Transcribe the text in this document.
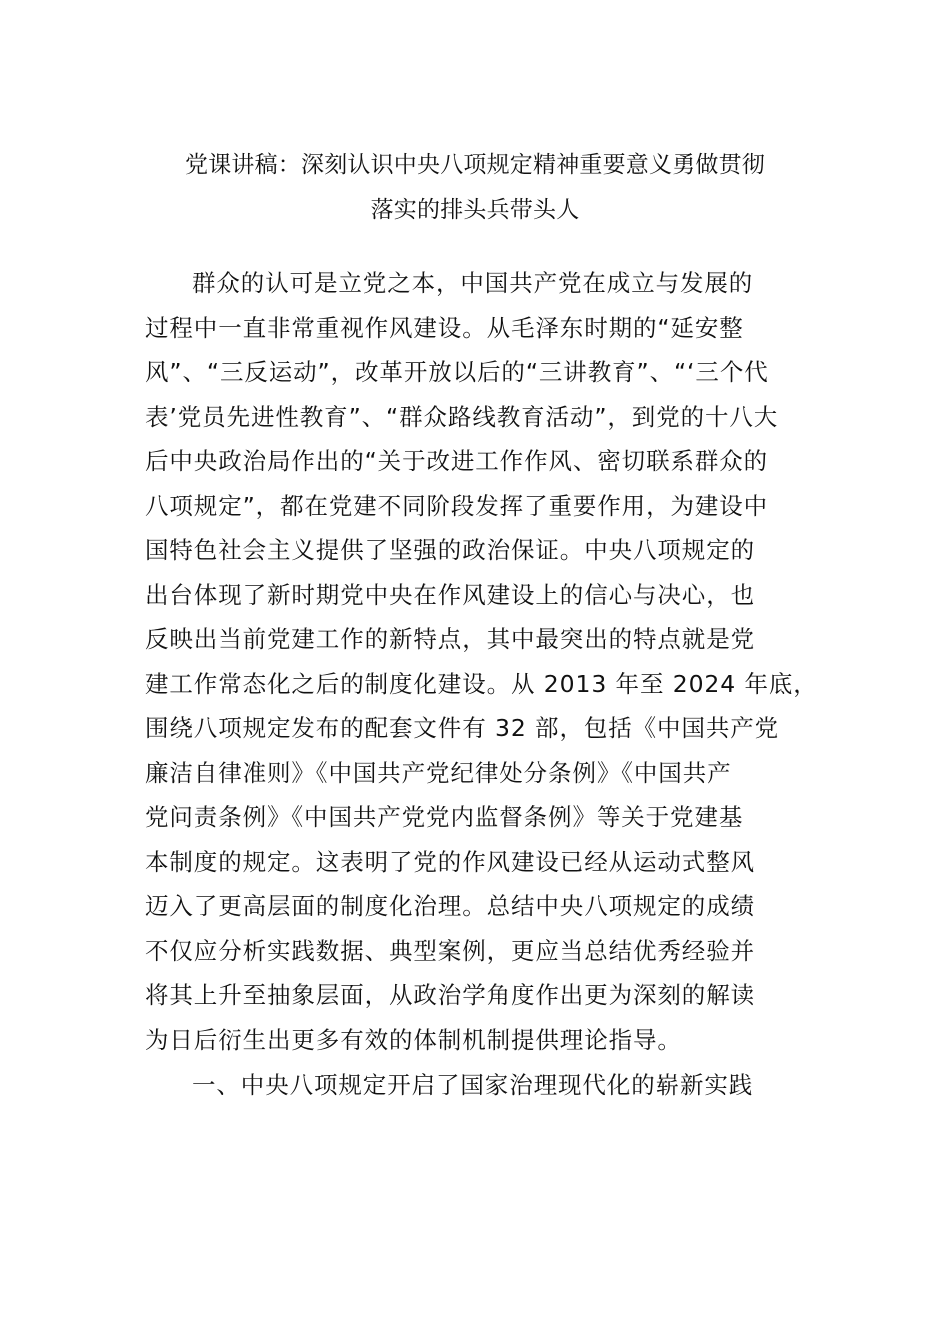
党课讲稿：深刻认识中央八项规定精神重要意义勇做贯彻
落实的排头兵带头人
群众的认可是立党之本，中国共产党在成立与发展的
过程中一直非常重视作风建设。从毛泽东时期的“延安整
风”、“三反运动”，改革开放以后的“三讲教育”、“‘三个代
表’党员先进性教育”、“群众路线教育活动”，到党的十八大
后中央政治局作出的“关于改进工作作风、密切联系群众的
八项规定”，都在党建不同阶段发挥了重要作用，为建设中
国特色社会主义提供了坚强的政治保证。中央八项规定的
出台体现了新时期党中央在作风建设上的信心与决心，也
反映出当前党建工作的新特点，其中最突出的特点就是党
建工作常态化之后的制度化建设。从 2013 年至 2024 年底，
围绕八项规定发布的配套文件有 32 部，包括《中国共产党
廉洁自律准则》《中国共产党纪律处分条例》《中国共产
党问责条例》《中国共产党党内监督条例》等关于党建基
本制度的规定。这表明了党的作风建设已经从运动式整风
迈入了更高层面的制度化治理。总结中央八项规定的成绩
不仅应分析实践数据、典型案例，更应当总结优秀经验并
将其上升至抽象层面，从政治学角度作出更为深刻的解读
为日后衍生出更多有效的体制机制提供理论指导。
一、中央八项规定开启了国家治理现代化的崭新实践
